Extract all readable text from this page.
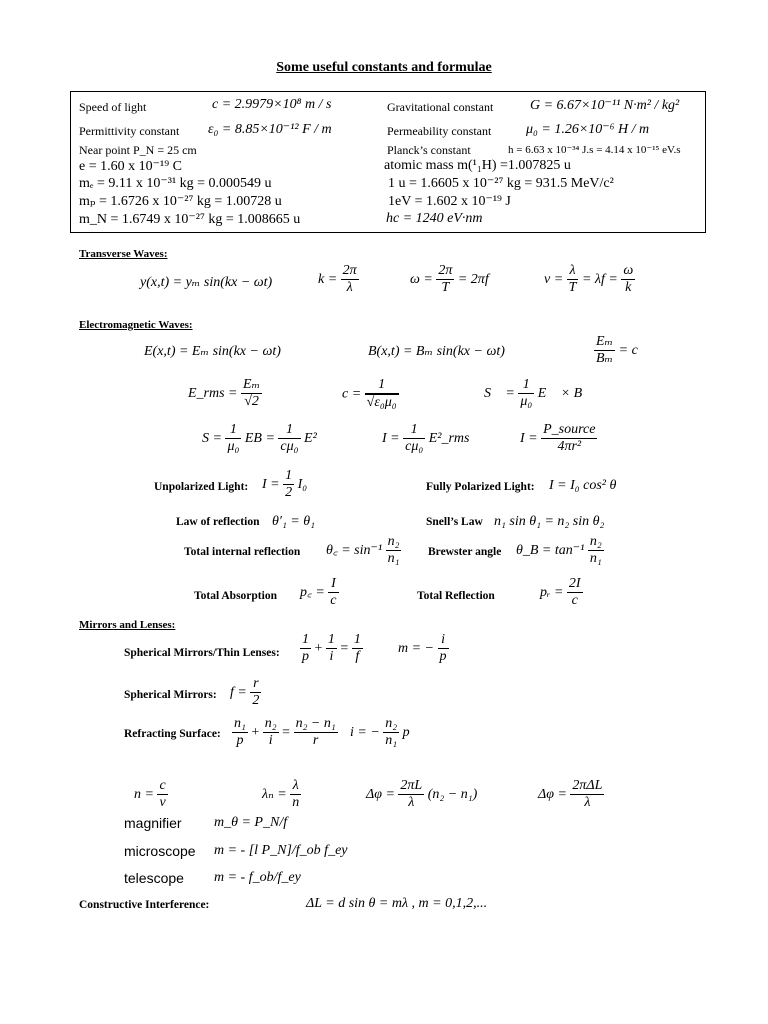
Some useful constants and formulae
Speed of light	c = 2.9979×10⁸ m / s	Gravitational constant	G = 6.67×10⁻¹¹ N·m² / kg²
Permittivity constant ε₀ = 8.85×10⁻¹² F / m	Permeability constant μ₀ = 1.26×10⁻⁶ H / m
Near point P_N = 25 cm	Planck’s constant	h = 6.63 x 10⁻³⁴ J.s = 4.14 x 10⁻¹⁵ eV.s
e = 1.60 x 10⁻¹⁹ C	atomic mass m(¹₁H) =1.007825 u
mₑ = 9.11 x 10⁻³¹ kg = 0.000549 u	1 u = 1.6605 x 10⁻²⁷ kg = 931.5 MeV/c²
mₚ = 1.6726 x 10⁻²⁷ kg = 1.00728 u	1eV = 1.602 x 10⁻¹⁹ J
m_N = 1.6749 x 10⁻²⁷ kg = 1.008665 u	hc = 1240 eV·nm
Transverse Waves:
y(x,t) = yₘ sin(kx − ωt)	$k = \frac{2\pi}{\lambda}$	$\omega = \frac{2\pi}{T} = 2\pi f$	$v = \frac{\lambda}{T} = \lambda f = \frac{\omega}{k}$
Electromagnetic Waves:
E(x,t) = Eₘ sin(kx − ωt)	B(x,t) = Bₘ sin(kx − ωt)	$\frac{\text{Eₘ}}{\text{Bₘ}} = c$
E_rms = $\frac{\text{Eₘ}}{√2}$	$c = \frac{1}{\text{√ε₀μ₀}}$	S⃗ = $\frac{1}{\text{μ₀}}$ E⃗ × B⃗
$S = \frac{1}{\text{μ₀}}$ EB = $\frac{1}{\text{cμ₀}} E^2$	$I = \frac{1}{\text{cμ₀}}$ E²_rms	$I = \frac{\text{P\_source}}{\text{4πr²}}$
Unpolarized Light: $I = \frac{1}{2} I_0$	Fully Polarized Light: I = I₀ cos² θ
Law of reflection θ′₁ = θ₁	Snell’s Law n₁ sin θ₁ = n₂ sin θ₂
Total internal reflection θ꜀ = $\sin^{-1} \frac{\text{n₂}}{\text{n₁}}$ Brewster angle θ_B = $\tan^{-1} \frac{\text{n₂}}{\text{n₁}}$
Total Absorption p꜀ = $\frac{I}{c}$	Total Reflection	pᵣ = $\frac{2I}{c}$
Mirrors and Lenses:
Spherical Mirrors/Thin Lenses: $\frac{1}{p} + \frac{1}{i} = \frac{1}{f}$	m = − $\frac{i}{p}$
Spherical Mirrors: $f = \frac{r}{2}$
Refracting Surface: $\frac{\text{n₁}}{p} + \frac{\text{n₂}}{i} = \frac{\text{n₂ − n₁}}{r}$ i = − $\frac{\text{n₂}}{\text{n₁}}$ p
$n = \frac{c}{v}$	$\lambda_n = \frac{\lambda}{n}$	$\Delta\varphi = \frac{2\pi L}{\lambda} (n_2 - n_1)$	$\Delta\varphi = \frac{\text{2πΔL}}{\lambda}$
magnifier m_θ = P_N/f
microscope m = - [l P_N]/f_ob f_ey
telescope m = - f_ob/f_ey
Constructive Interference:	ΔL = d sin θ = mλ , m = 0,1,2,...
